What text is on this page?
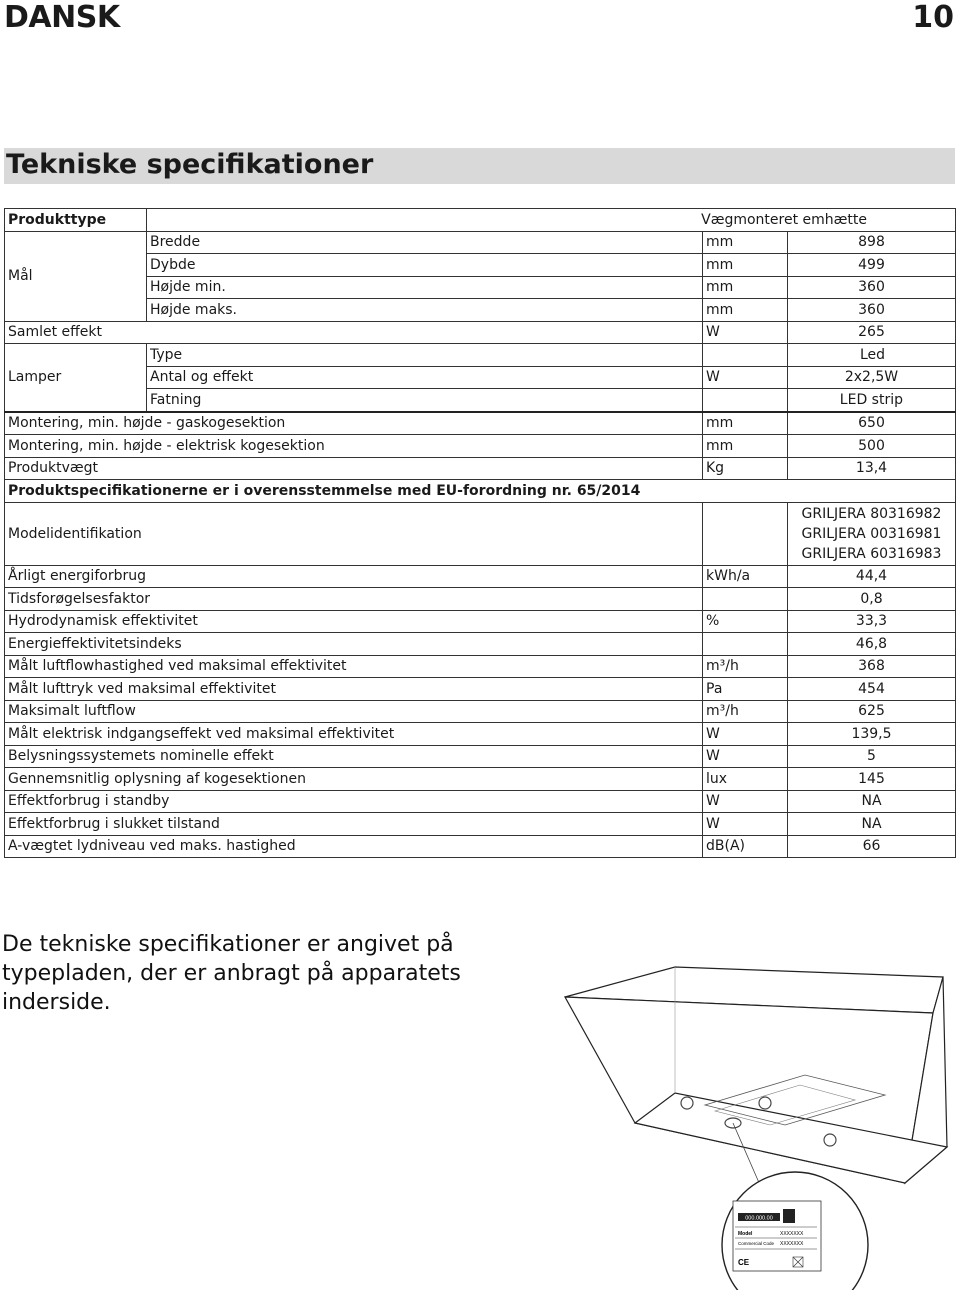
DANSK	10
Tekniske specifikationer
Produkttype	Vægmonteret emhætte		
Mål	Bredde	mm	898
	Dybde	mm	499
	Højde min.	mm	360
	Højde maks.	mm	360
Samlet effekt		W	265
Lamper	Type		Led
	Antal og effekt	W	2x2,5W
	Fatning		LED strip
Montering, min. højde - gaskogesektion		mm	650
Montering, min. højde - elektrisk kogesektion		mm	500
Produktvægt		Kg	13,4
Produktspecifikationerne er i overensstemmelse med EU-forordning nr. 65/2014			
Modelidentifikation			GRILJERA 80316982
GRILJERA 00316981
GRILJERA 60316983

Årligt energiforbrug		kWh/a	44,4
Tidsforøgelsesfaktor			0,8
Hydrodynamisk effektivitet		%	33,3
Energieffektivitetsindeks			46,8
Målt luftflowhastighed ved maksimal effektivitet		m³/h	368
Målt lufttryk ved maksimal effektivitet		Pa	454
Maksimalt luftflow		m³/h	625
Målt elektrisk indgangseffekt ved maksimal effektivitet		W	139,5
Belysningssystemets nominelle effekt		W	5
Gennemsnitlig oplysning af kogesektionen		lux	145
Effektforbrug i standby		W	NA
Effektforbrug i slukket tilstand		W	NA
A-vægtet lydniveau ved maks. hastighed		dB(A)	66
De tekniske specifikationer er angivet på typepladen, der er anbragt på apparatets inderside.
000.000.00
Model	XXXXXXX
Commercial Code XXXXXXX
CE
